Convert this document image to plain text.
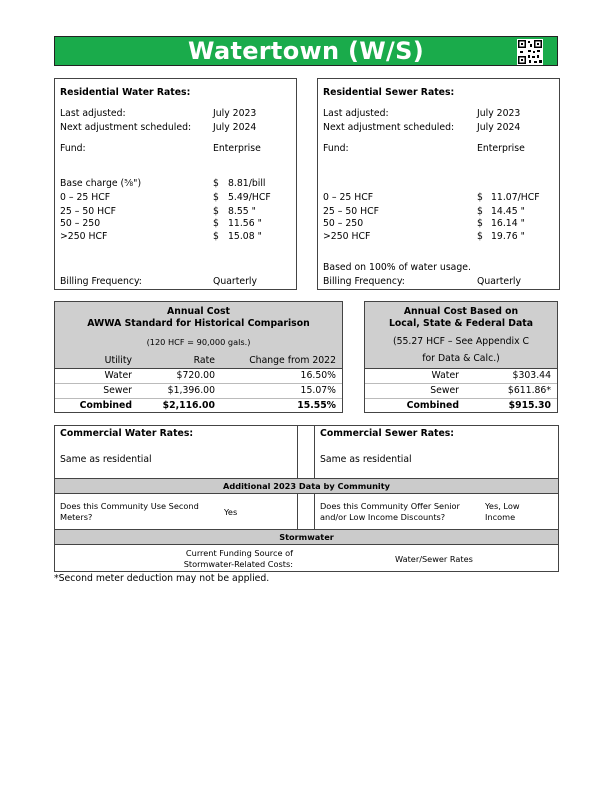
Watertown (W/S)
Residential Water Rates:
Last adjusted:	July 2023
Next adjustment scheduled: July 2024
Fund:	Enterprise
Base charge (⅝")	$ 8.81/bill
0 – 25 HCF	$ 5.49/HCF
25 – 50 HCF	$ 8.55 "
50 – 250	$ 11.56 "
>250 HCF	$ 15.08 "
Billing Frequency:	Quarterly
Residential Sewer Rates:
Last adjusted:	July 2023
Next adjustment scheduled: July 2024
Fund:	Enterprise
0 – 25 HCF	$ 11.07/HCF
25 – 50 HCF	$ 14.45 "
50 – 250	$ 16.14 "
>250 HCF	$ 19.76 "
Based on 100% of water usage.
Billing Frequency:	Quarterly
Annual Cost
AWWA Standard for Historical Comparison
(120 HCF = 90,000 gals.)
Utility	Rate	Change from 2022
Water	$720.00	16.50%
Sewer	$1,396.00	15.07%
Combined	$2,116.00	15.55%
Annual Cost Based on
Local, State & Federal Data
(55.27 HCF – See Appendix C
for Data & Calc.)
Water	$303.44
Sewer	$611.86*
Combined	$915.30
Commercial Water Rates:
Same as residential
Commercial Sewer Rates:
Same as residential
Additional 2023 Data by Community
Does this Community Use Second Meters?	Yes
Does this Community Offer Senior and/or Low Income Discounts?
Yes, Low Income
Stormwater
Current Funding Source of Stormwater-Related Costs:	Water/Sewer Rates
*Second meter deduction may not be applied.
